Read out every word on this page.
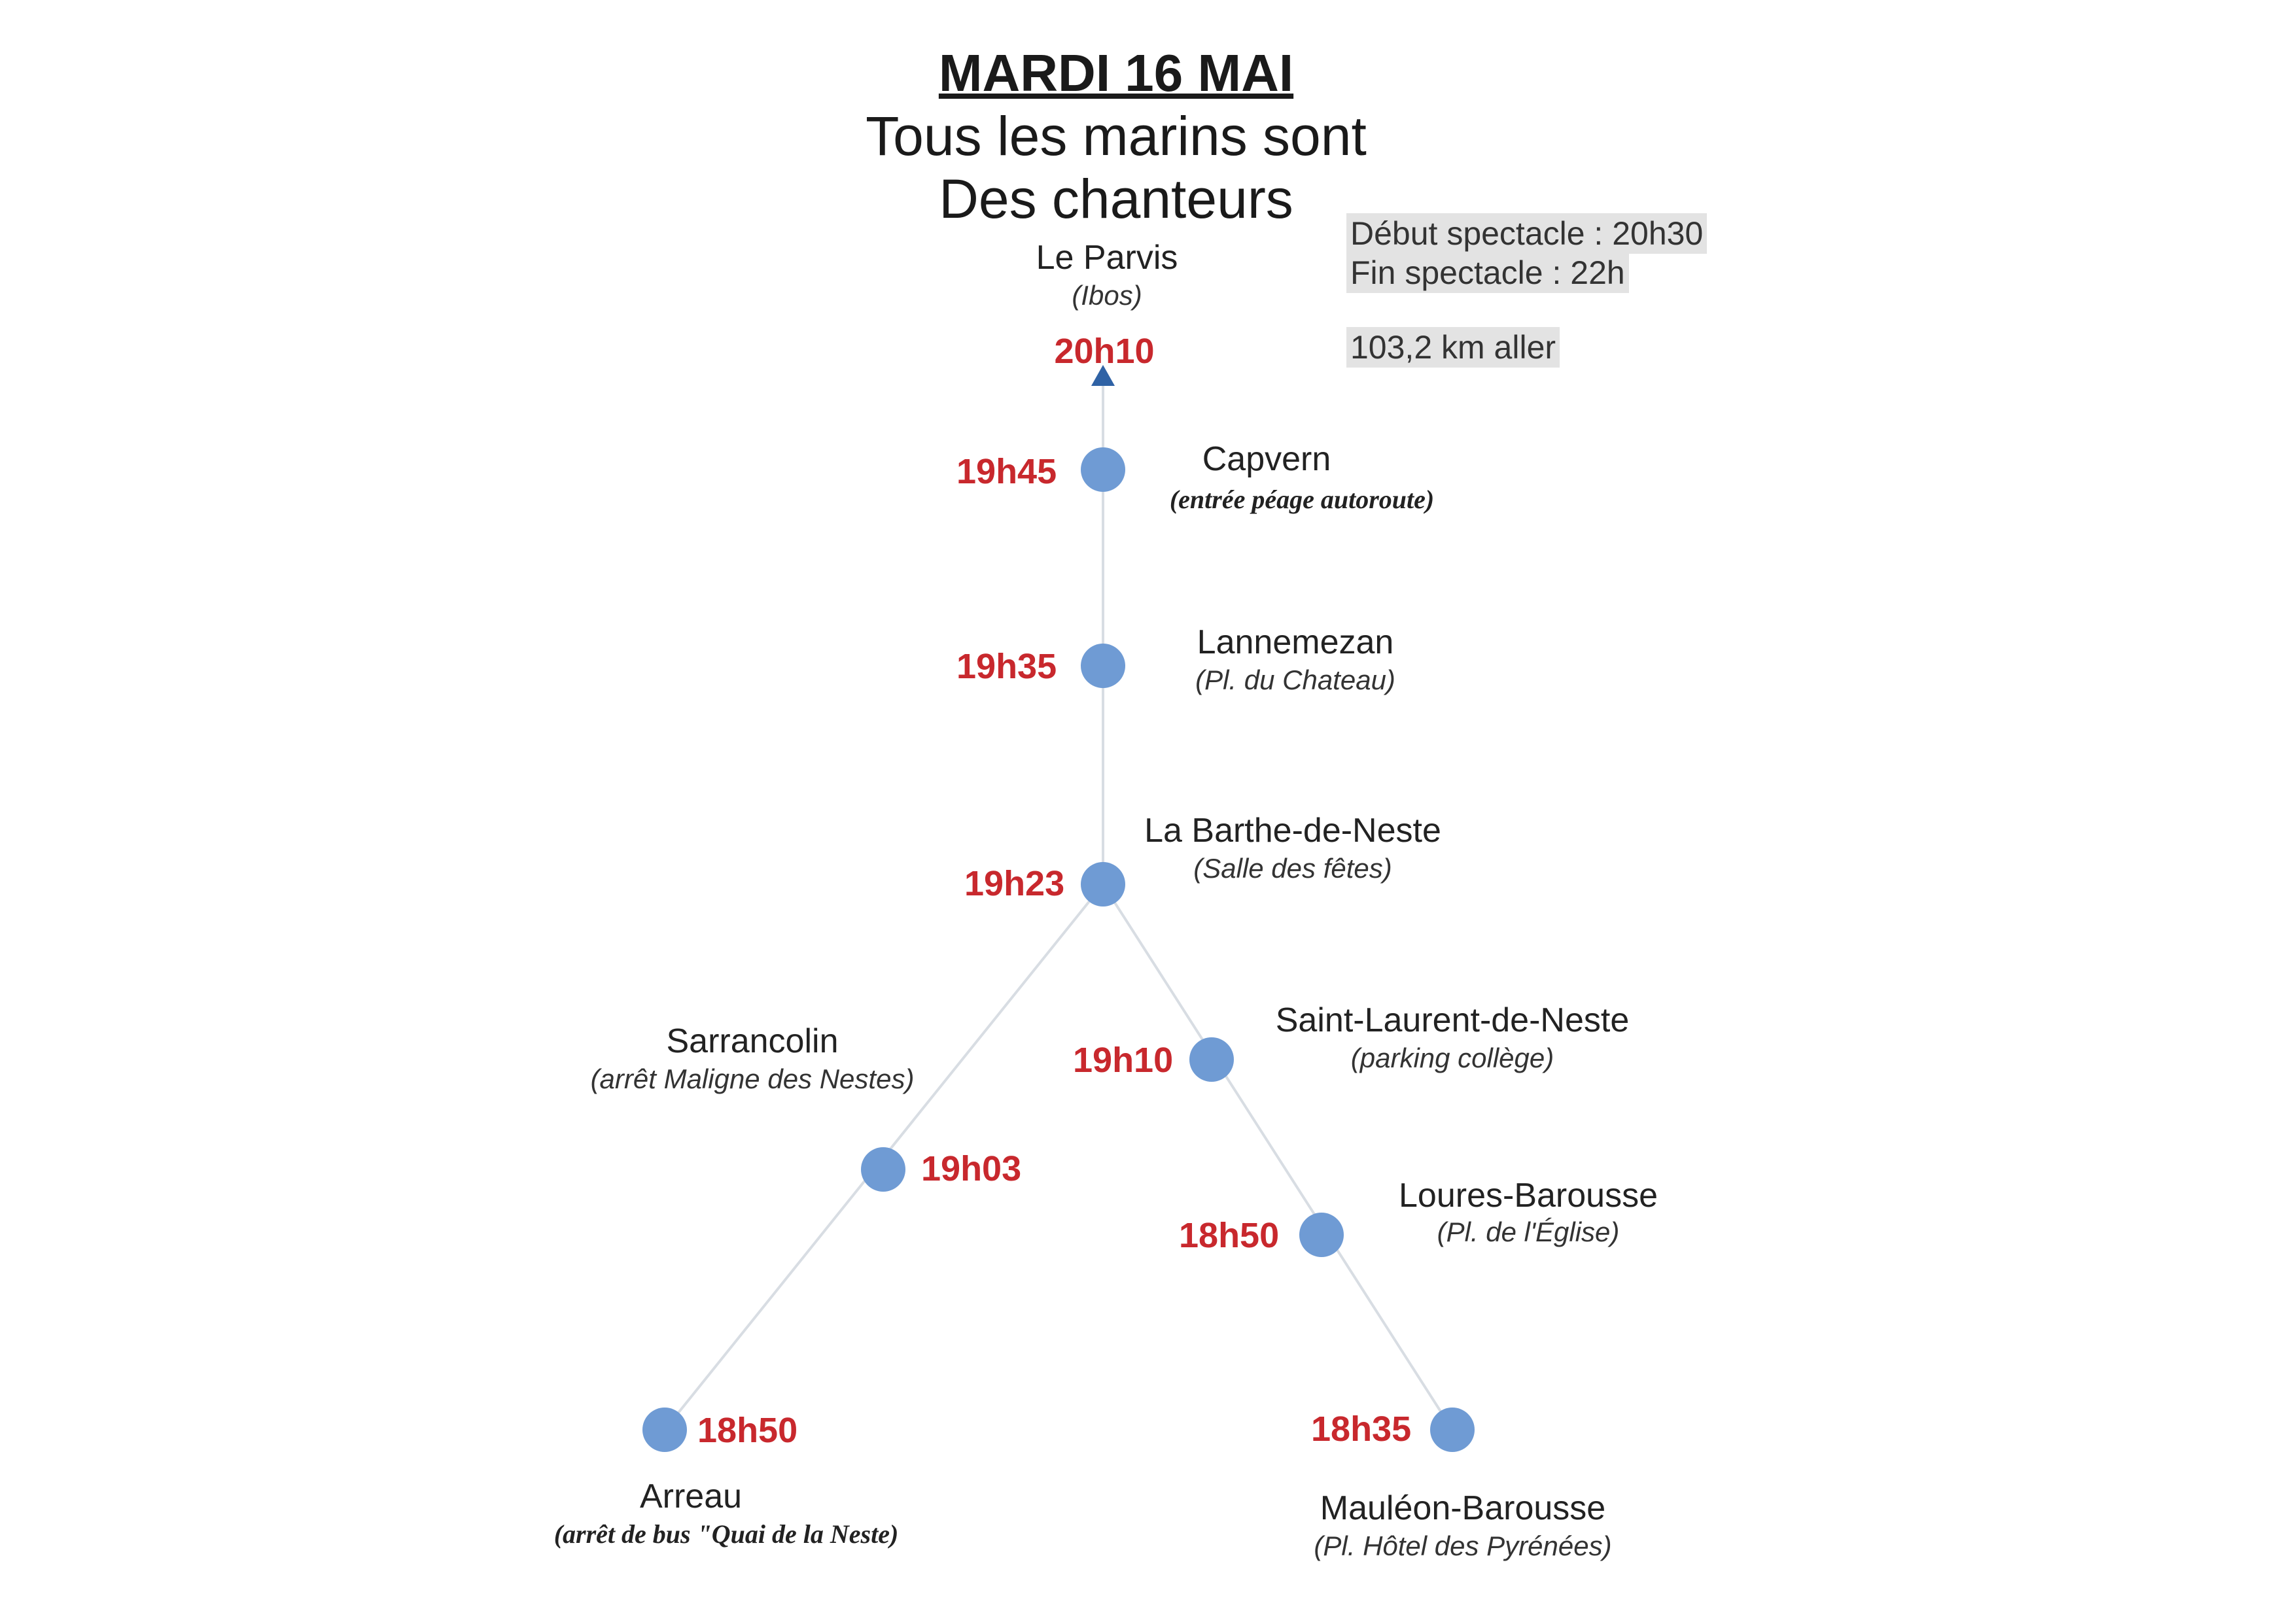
MARDI 16 MAI
Tous les marins sont
Des chanteurs
Début spectacle : 20h30
Fin spectacle : 22h
103,2 km aller
Le Parvis
(Ibos)
20h10
Capvern
(entrée péage autoroute)
19h45
Lannemezan
(Pl. du Chateau)
19h35
La Barthe-de-Neste
(Salle des fêtes)
19h23
Sarrancolin
(arrêt Maligne des Nestes)
19h03
Saint-Laurent-de-Neste
(parking collège)
19h10
Loures-Barousse
(Pl. de l'Église)
18h50
Arreau
(arrêt de bus "Quai de la Neste)
18h50
Mauléon-Barousse
(Pl. Hôtel des Pyrénées)
18h35
